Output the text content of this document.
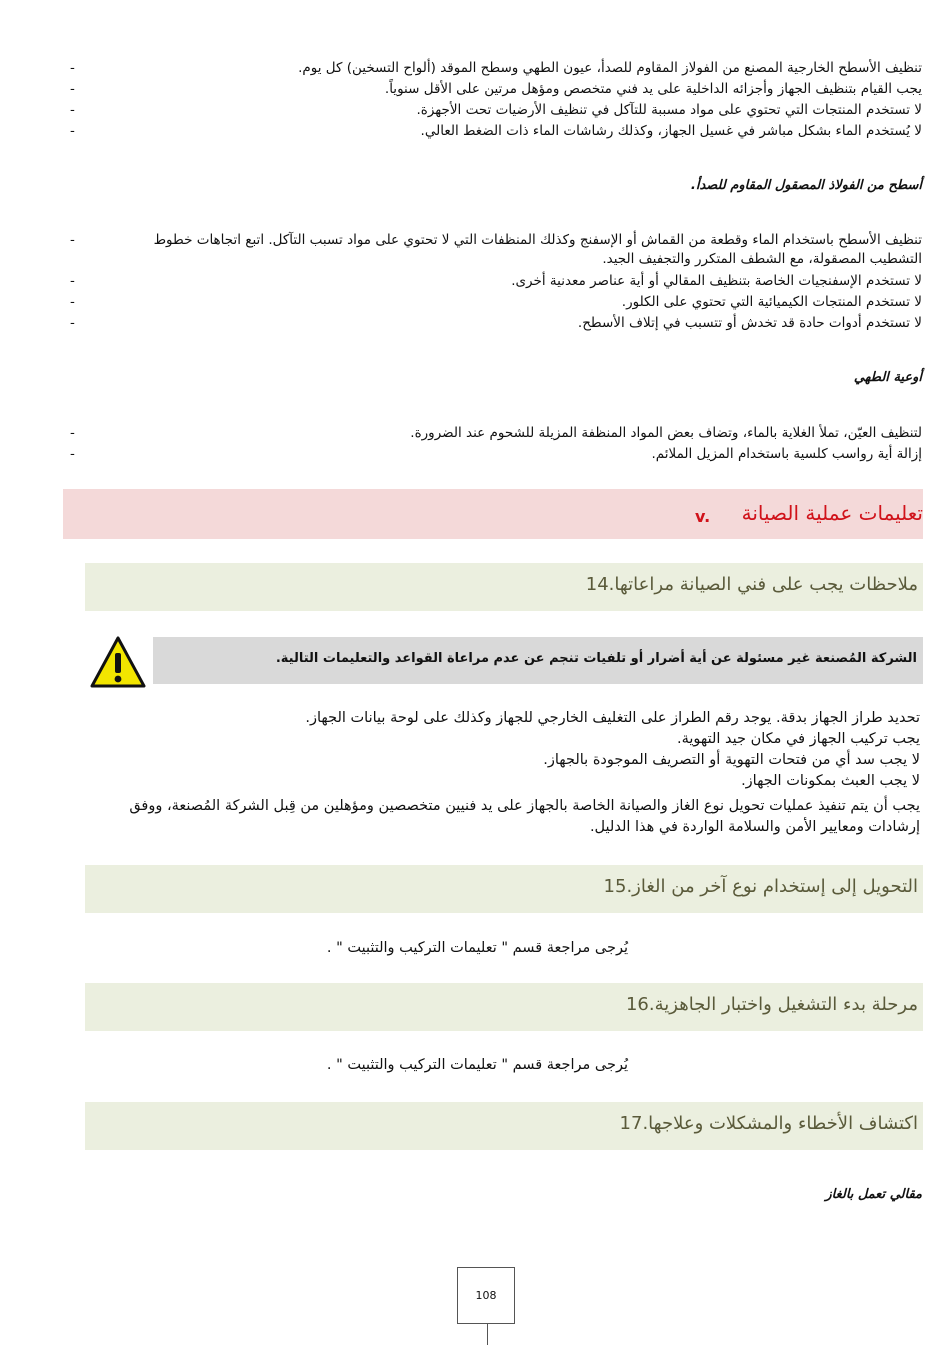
-	تنظيف الأسطح الخارجية المصنع من الفولاز المقاوم للصدأ، عيون الطهي وسطح الموقد (ألواح التسخين) كل يوم.
-	يجب القيام بتنظيف الجهاز وأجزائه الداخلية على يد فني متخصص ومؤهل مرتين على الأقل سنوياً.
-	لا تستخدم المنتجات التي تحتوي على مواد مسببة للتآكل في تنظيف الأرضيات تحت الأجهزة.
-	لا يُستخدم الماء بشكل مباشر في غسيل الجهاز، وكذلك رشاشات الماء ذات الضغط العالي.
أسطح من الفولاذ المصقول المقاوم للصدأ.
-	تنظيف الأسطح باستخدام الماء وقطعة من القماش أو الإسفنج وكذلك المنظفات التي لا تحتوي على مواد تسبب التآكل. اتبع اتجاهات خطوط التشطيب المصقولة، مع الشطف المتكرر والتجفيف الجيد.
-	لا تستخدم الإسفنجيات الخاصة بتنظيف المقالي أو أية عناصر معدنية أخرى.
-	لا تستخدم المنتجات الكيميائية التي تحتوي على الكلور.
-	لا تستخدم أدوات حادة قد تخدش أو تتسبب في إتلاف الأسطح.
أوعية الطهي
-	لتنظيف العيّن، تملأ الغلاية بالماء، وتضاف بعض المواد المنظفة المزيلة للشحوم عند الضرورة.
-	إزالة أية رواسب كلسية باستخدام المزيل الملائم.
v. تعليمات عملية الصيانة
ملاحظات يجب على فني الصيانة مراعاتها.14
الشركة المُصنعة غير مسئولة عن أية أضرار أو تلفيات تنجم عن عدم مراعاة القواعد والتعليمات التالية.
تحديد طراز الجهاز بدقة. يوجد رقم الطراز على التغليف الخارجي للجهاز وكذلك على لوحة بيانات الجهاز.
يجب تركيب الجهاز في مكان جيد التهوية.
لا يجب سد أي من فتحات التهوية أو التصريف الموجودة بالجهاز.
لا يجب العبث بمكونات الجهاز.
يجب أن يتم تنفيذ عمليات تحويل نوع الغاز والصيانة الخاصة بالجهاز على يد فنيين متخصصين ومؤهلين من قِبل الشركة المُصنعة، ووفق إرشادات ومعايير الأمن والسلامة الواردة في هذا الدليل.
التحويل إلى إستخدام نوع آخر من الغاز.15
يُرجى مراجعة قسم " تعليمات التركيب والتثبيت " .
مرحلة بدء التشغيل واختبار الجاهزية.16
يُرجى مراجعة قسم " تعليمات التركيب والتثبيت " .
اكتشاف الأخطاء والمشكلات وعلاجها.17
مقالي تعمل بالغاز
108
